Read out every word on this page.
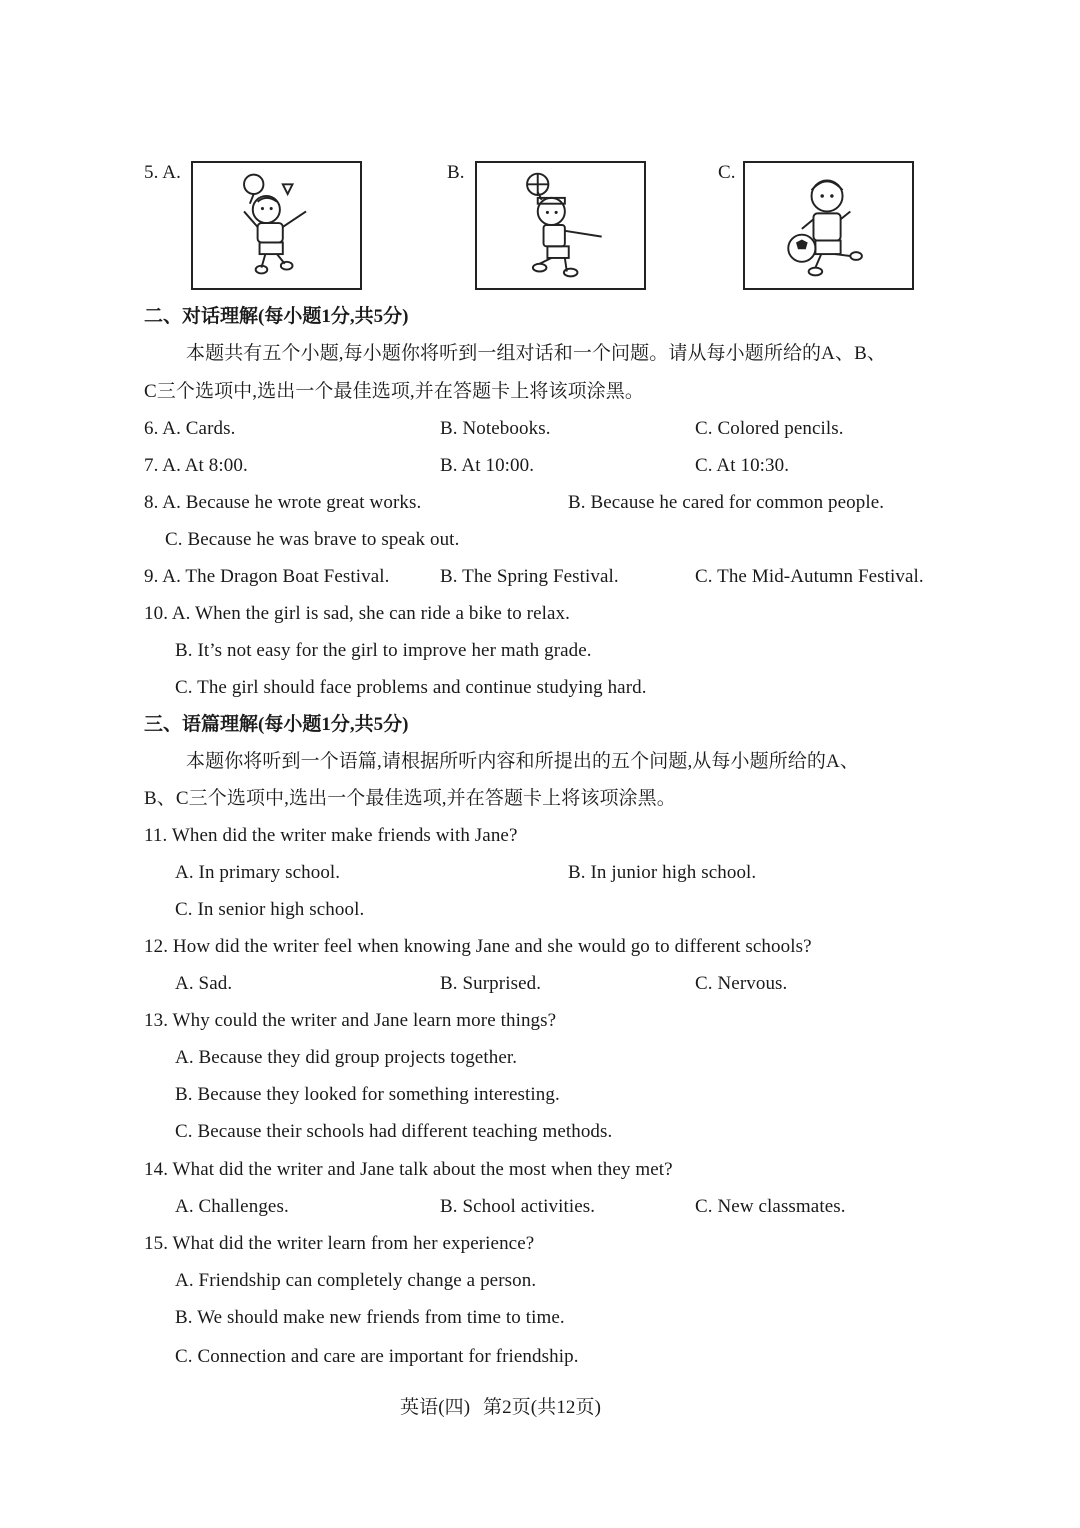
5. A.	B.	C.
二、对话理解(每小题1分,共5分)
本题共有五个小题,每小题你将听到一组对话和一个问题。请从每小题所给的A、B、
C三个选项中,选出一个最佳选项,并在答题卡上将该项涂黑。
6. A. Cards.	B. Notebooks.	C. Colored pencils.
7. A. At 8:00.	B. At 10:00.	C. At 10:30.
8. A. Because he wrote great works.	B. Because he cared for common people.
C. Because he was brave to speak out.
9. A. The Dragon Boat Festival.	B. The Spring Festival.	C. The Mid-Autumn Festival.
10. A. When the girl is sad, she can ride a bike to relax.
B. It’s not easy for the girl to improve her math grade.
C. The girl should face problems and continue studying hard.
三、语篇理解(每小题1分,共5分)
本题你将听到一个语篇,请根据所听内容和所提出的五个问题,从每小题所给的A、
B、C三个选项中,选出一个最佳选项,并在答题卡上将该项涂黑。
11. When did the writer make friends with Jane?
A. In primary school.	B. In junior high school.
C. In senior high school.
12. How did the writer feel when knowing Jane and she would go to different schools?
A. Sad.	B. Surprised.	C. Nervous.
13. Why could the writer and Jane learn more things?
A. Because they did group projects together.
B. Because they looked for something interesting.
C. Because their schools had different teaching methods.
14. What did the writer and Jane talk about the most when they met?
A. Challenges.	B. School activities.	C. New classmates.
15. What did the writer learn from her experience?
A. Friendship can completely change a person.
B. We should make new friends from time to time.
C. Connection and care are important for friendship.
英语(四) 第2页(共12页)
